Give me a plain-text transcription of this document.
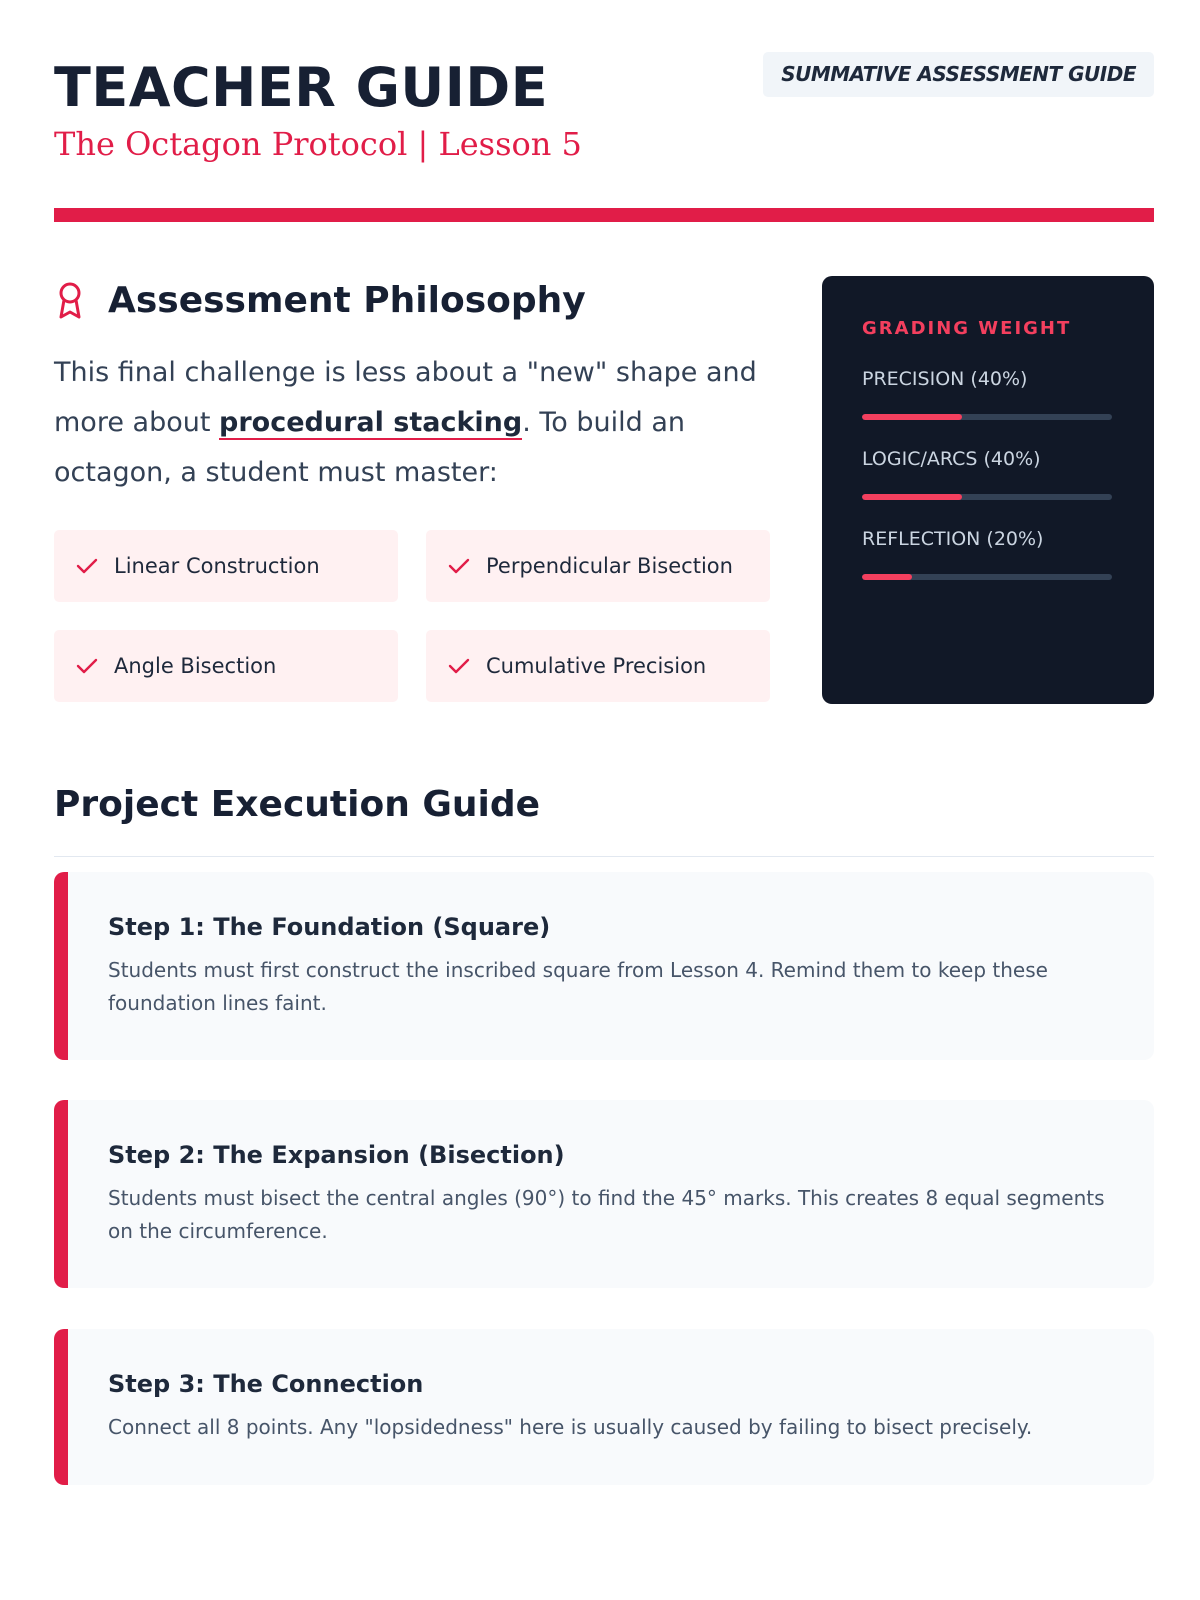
TEACHER GUIDE
The Octagon Protocol | Lesson 5
SUMMATIVE ASSESSMENT GUIDE
Assessment Philosophy

This final challenge is less about a "new" shape and more about procedural stacking. To build an octagon, a student must master:

Linear Construction	Perpendicular Bisection
Angle Bisection	Cumulative Precision
GRADING WEIGHT
PRECISION (40%)
LOGIC/ARCS (40%)
REFLECTION (20%)
Project Execution Guide
Step 1: The Foundation (Square)
Students must first construct the inscribed square from Lesson 4. Remind them to keep these foundation lines faint.
Step 2: The Expansion (Bisection)
Students must bisect the central angles (90°) to find the 45° marks. This creates 8 equal segments on the circumference.
Step 3: The Connection
Connect all 8 points. Any "lopsidedness" here is usually caused by failing to bisect precisely.
